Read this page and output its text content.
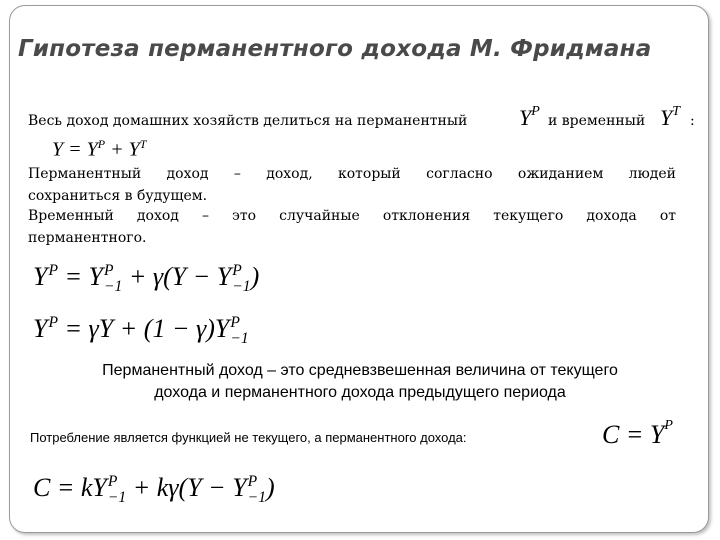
Гипотеза перманентного дохода М. Фридмана
Весь доход домашних хозяйств делиться на перманентный $Y^P$
и временный $Y^T$
:
$Y = Y^P + Y^T$
Перманентный доход – доход, который согласно ожиданием людей
сохраниться в будущем.
Временный доход – это случайные отклонения текущего дохода от
перманентного.
Y P
= Y P
−1 + γ(Y − Y P
−1 )
Y P
= γY + (1 − γ)Y P
−1
Перманентный доход – это средневзвешенная величина от текущего
дохода и перманентного дохода предыдущего периода
Потребление является функцией не текущего, а перманентного дохода:	$C = Y^P$
C = kY P
−1 + kγ(Y − Y P
−1 )
